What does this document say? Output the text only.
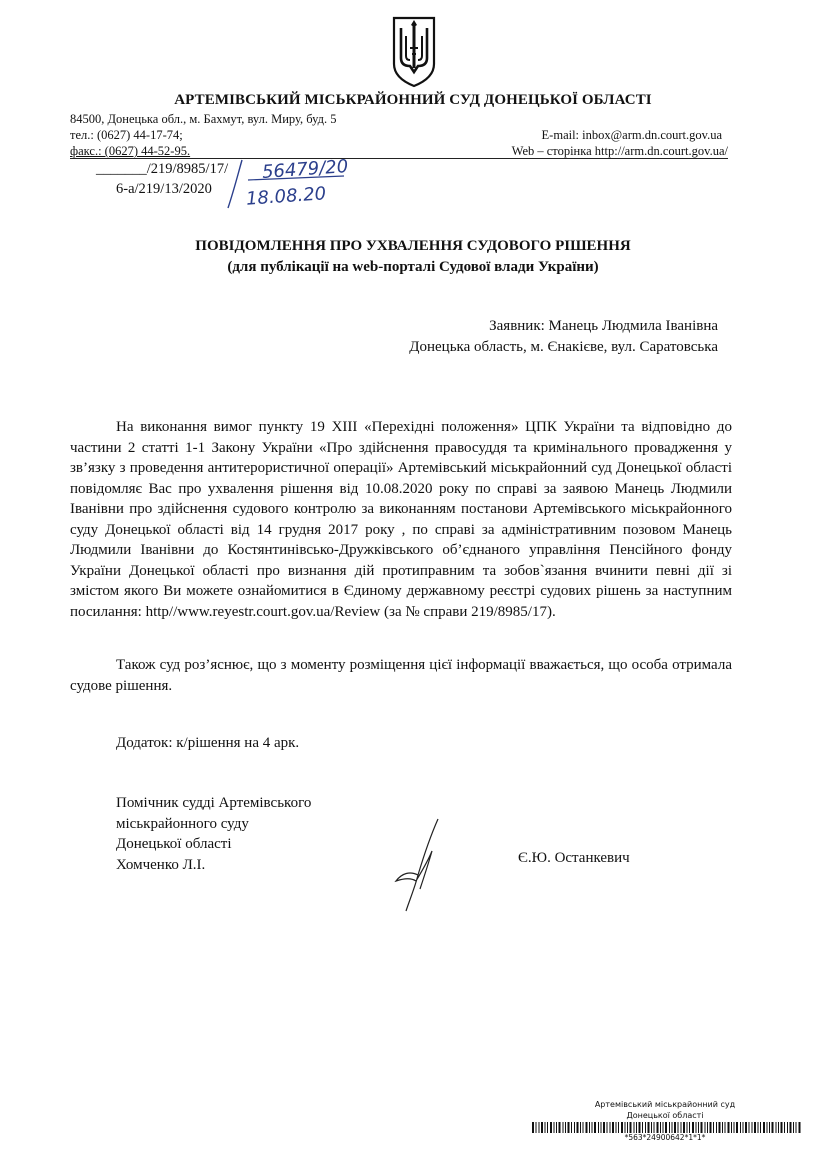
АРТЕМІВСЬКИЙ МІСЬКРАЙОННИЙ СУД ДОНЕЦЬКОЇ ОБЛАСТІ
84500, Донецька обл., м. Бахмут, вул. Миру, буд. 5
тел.: (0627) 44-17-74;
факс.: (0627) 44-52-95.
E-mail: inbox@arm.dn.court.gov.ua
Web – сторінка http://arm.dn.court.gov.ua/
_______/219/8985/17/
6-а/219/13/2020
56479/20
18.08.20
ПОВІДОМЛЕННЯ ПРО УХВАЛЕННЯ СУДОВОГО РІШЕННЯ
(для публікації на web-порталі Судової влади України)
Заявник: Манець Людмила Іванівна
Донецька область, м. Єнакієве, вул. Саратовська
На виконання вимог пункту 19 ХІІІ «Перехідні положення» ЦПК України та відповідно до частини 2 статті 1-1 Закону України «Про здійснення правосуддя та кримінального провадження у зв’язку з проведення антитерористичної операції» Артемівський міськрайонний суд Донецької області повідомляє Вас про ухвалення рішення від 10.08.2020 року по справі за заявою Манець Людмили Іванівни про здійснення судового контролю за виконанням постанови Артемівського міськрайонного суду Донецької області від 14 грудня 2017 року , по справі за адміністративним позовом Манець Людмили Іванівни до Костянтинівсько-Дружківського об’єднаного управління Пенсійного фонду України Донецької області про визнання дій протиправним та зобов`язання вчинити певні дії зі змістом якого Ви можете ознайомитися в Єдиному державному реєстрі судових рішень за наступним посилання: http//www.reyestr.court.gov.ua/Review (за № справи 219/8985/17).
Також суд роз’яснює, що з моменту розміщення цієї інформації вважається, що особа отримала судове рішення.
Додаток: к/рішення на 4 арк.
Помічник судді Артемівського
міськрайонного суду
Донецької області
Хомченко Л.І.	Є.Ю. Останкевич
Артемівський міськрайонний суд
Донецької області
*563*24900642*1*1*
